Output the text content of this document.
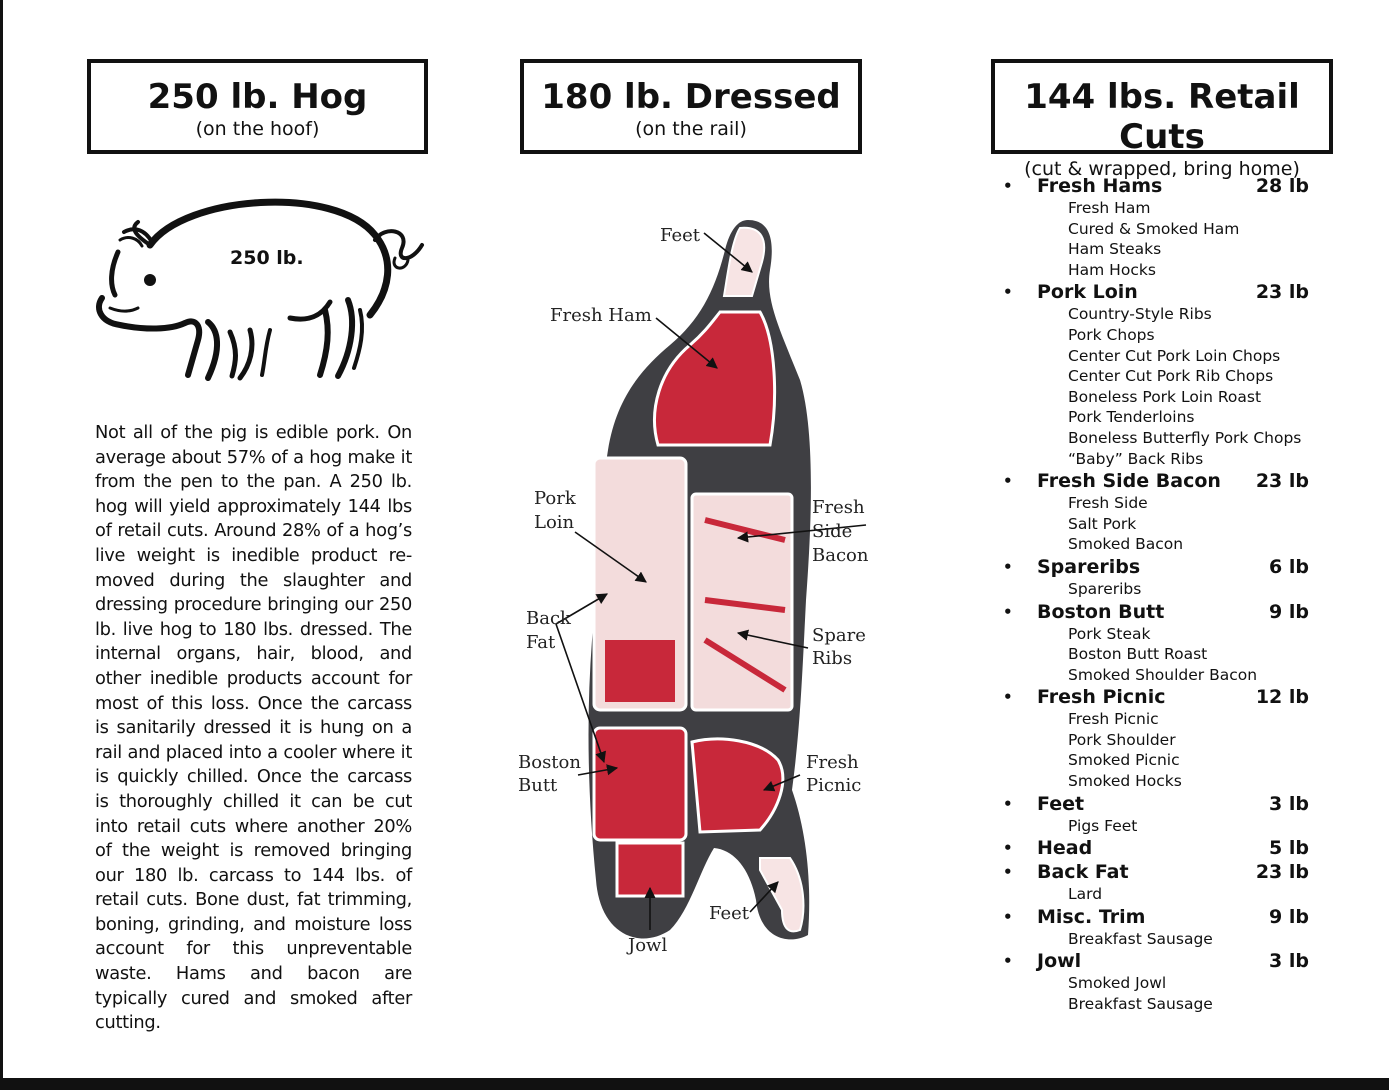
250 lb. Hog
(on the hoof)
180 lb. Dressed
(on the rail)
144 lbs. Retail Cuts
(cut & wrapped, bring home)
250 lb.

Not all of the pig is edible pork. On average about 57% of a hog make it from the pen to the pan. A 250 lb. hog will yield approximately 144 lbs of retail cuts. Around 28% of a hog’s live weight is inedible product re-moved during the slaughter and dressing procedure bringing our 250 lb. live hog to 180 lbs. dressed. The internal organs, hair, blood, and other inedible products account for most of this loss. Once the carcass is sanitarily dressed it is hung on a rail and placed into a cooler where it is quickly chilled. Once the carcass is thoroughly chilled it can be cut into retail cuts where another 20% of the weight is removed bringing our 180 lb. carcass to 144 lbs. of retail cuts. Bone dust, fat trimming, boning, grinding, and moisture loss account for this unpreventable waste. Hams and bacon are typically cured and smoked after cutting.

Feet
Fresh Ham
Pork
Loin
Fresh
Side
Bacon
Back
Fat	Spare
Ribs
Boston
Butt
Fresh
Picnic
Feet
Jowl
• Fresh Hams	28 lb
Fresh Ham
Cured & Smoked Ham
Ham Steaks
Ham Hocks
• Pork Loin	23 lb
Country-Style Ribs
Pork Chops
Center Cut Pork Loin Chops
Center Cut Pork Rib Chops
Boneless Pork Loin Roast
Pork Tenderloins
Boneless Butterfly Pork Chops
“Baby” Back Ribs
• Fresh Side Bacon 23 lb
Fresh Side
Salt Pork
Smoked Bacon
• Spareribs	6 lb
Spareribs
• Boston Butt	9 lb
Pork Steak
Boston Butt Roast
Smoked Shoulder Bacon
• Fresh Picnic	12 lb
Fresh Picnic
Pork Shoulder
Smoked Picnic
Smoked Hocks
• Feet	3 lb
Pigs Feet
• Head	5 lb
• Back Fat	23 lb
Lard
• Misc. Trim	9 lb
Breakfast Sausage
• Jowl	3 lb
Smoked Jowl
Breakfast Sausage
